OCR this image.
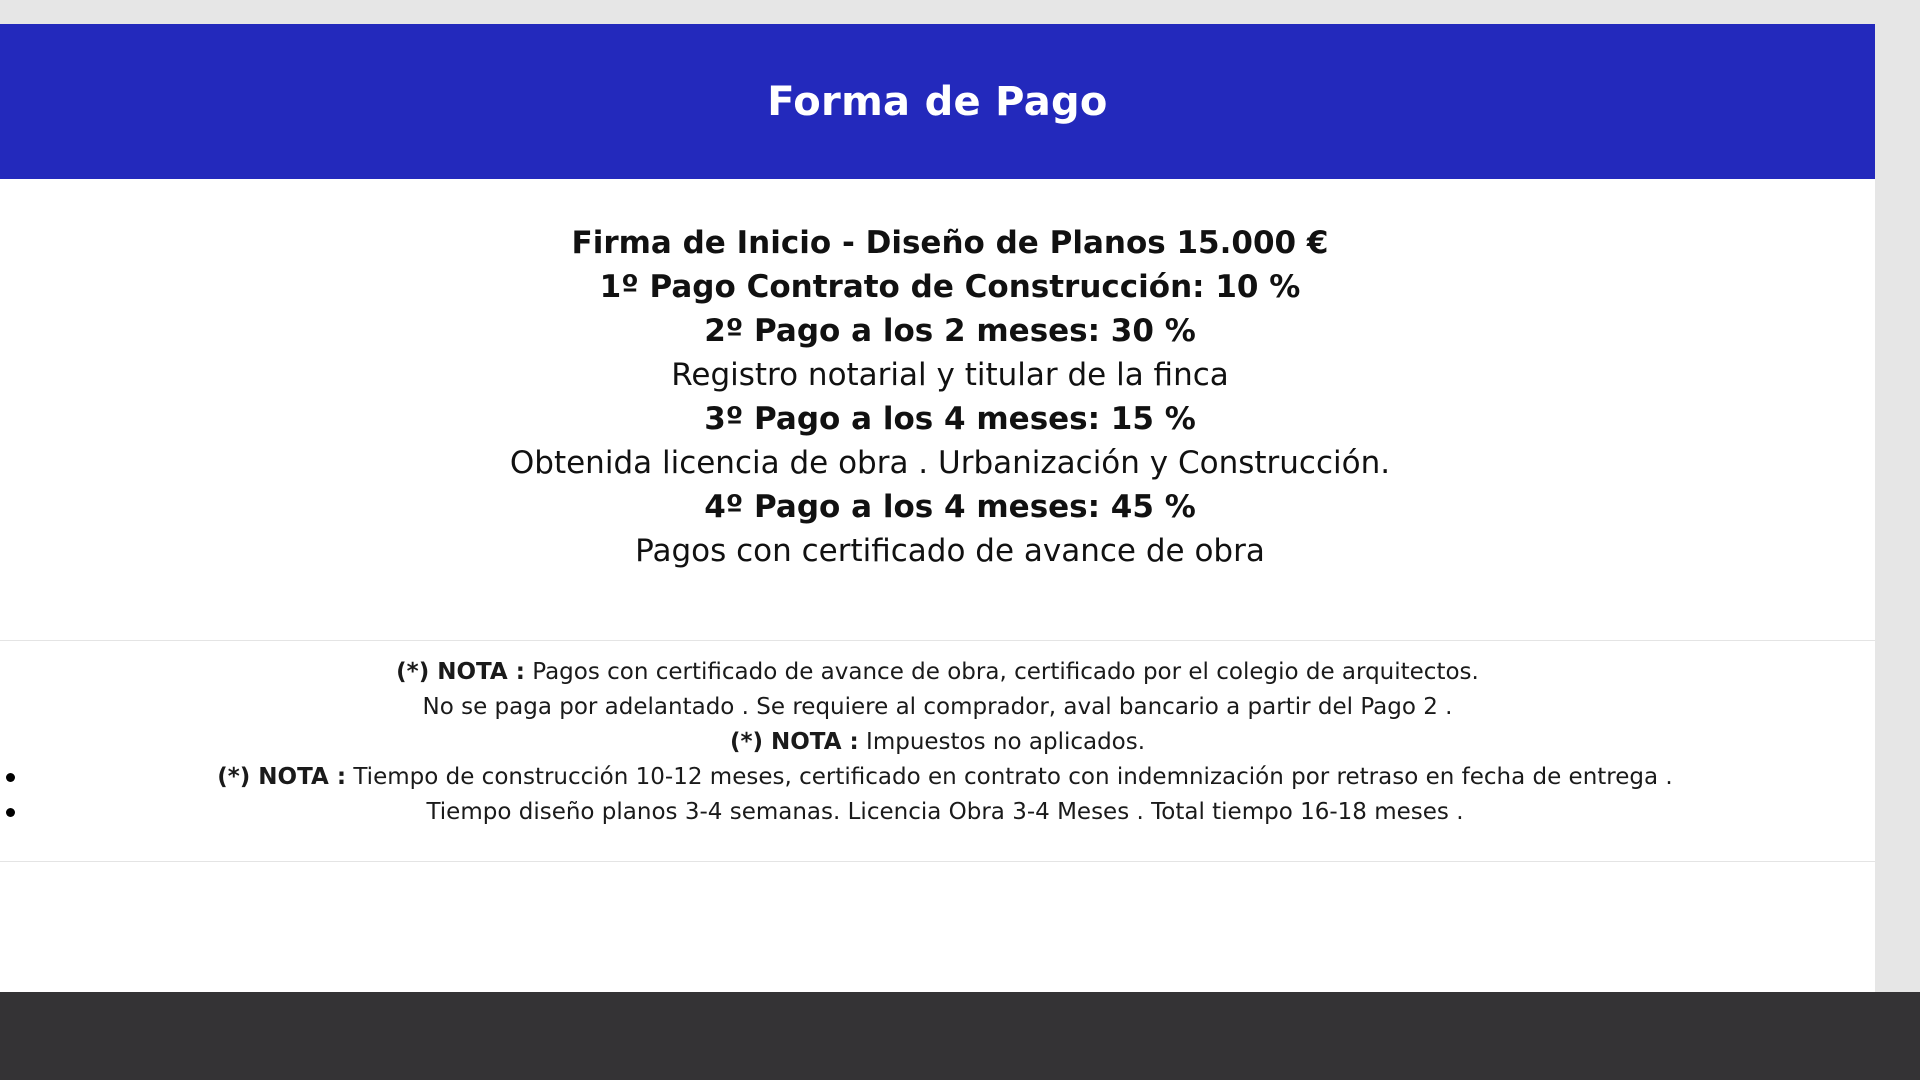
Forma de Pago
Firma de Inicio - Diseño de Planos 15.000 €
1º Pago Contrato de Construcción: 10 %
2º Pago a los 2 meses: 30 %
Registro notarial y titular de la finca
3º Pago a los 4 meses: 15 %
Obtenida licencia de obra . Urbanización y Construcción.
4º Pago a los 4 meses: 45 %
Pagos con certificado de avance de obra
(*) NOTA : Pagos con certificado de avance de obra, certificado por el colegio de arquitectos.
No se paga por adelantado . Se requiere al comprador, aval bancario a partir del Pago 2 .
(*) NOTA : Impuestos no aplicados.
(*) NOTA : Tiempo de construcción 10-12 meses, certificado en contrato con indemnización por retraso en fecha de entrega .
Tiempo diseño planos 3-4 semanas. Licencia Obra 3-4 Meses . Total tiempo 16-18 meses .
